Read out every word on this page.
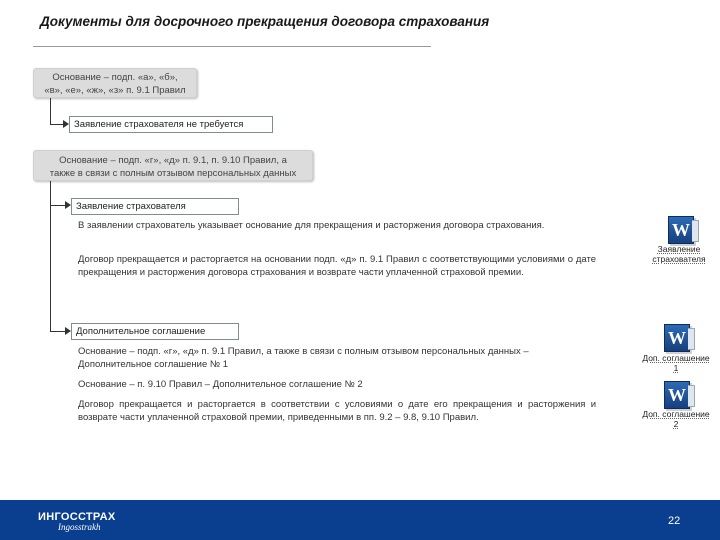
Документы для досрочного прекращения договора страхования
Основание – подп. «а», «б»,
«в», «е», «ж», «з» п. 9.1 Правил
Заявление страхователя не требуется
Основание – подп. «г», «д» п. 9.1, п. 9.10 Правил, а
также в связи с полным отзывом персональных данных
Заявление страхователя
В заявлении страхователь указывает основание для прекращения и расторжения договора страхования.
Договор прекращается и расторгается на основании подп. «д» п. 9.1 Правил с соответствующими условиями о дате прекращения и расторжения договора страхования и возврате части уплаченной страховой премии.
Дополнительное соглашение
Основание – подп. «г», «д» п. 9.1 Правил, а также в связи с полным отзывом персональных данных – Дополнительное соглашение № 1
Основание – п. 9.10 Правил – Дополнительное соглашение № 2
Договор прекращается и расторгается в соответствии с условиями о дате его прекращения и расторжения и возврате части уплаченной страховой премии, приведенными в пп. 9.2 – 9.8, 9.10 Правил.
W
Заявление
страхователя
W
Доп. соглашение
1
W
Доп. соглашение
2
ИНГОССТРАХ
Ingosstrakh	22
